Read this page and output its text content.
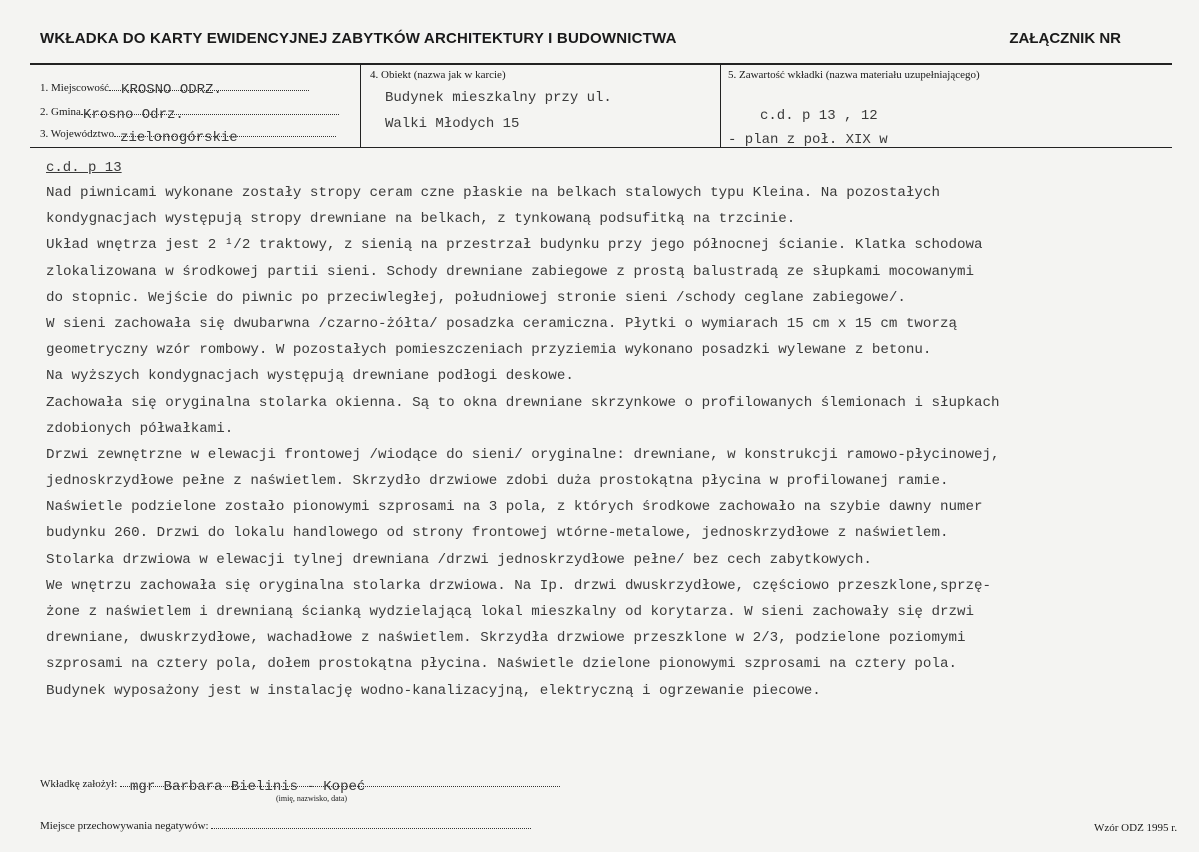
WKŁADKA DO KARTY EWIDENCYJNEJ ZABYTKÓW ARCHITEKTURY I BUDOWNICTWA	ZAŁĄCZNIK NR
1. Miejscowość KROSNO ODRZ.
2. Gmina Krosno Odrz.
3. Województwo zielonogórskie
4. Obiekt (nazwa jak w karcie)
Budynek mieszkalny przy ul.
Walki Młodych 15
5. Zawartość wkładki (nazwa materiału uzupełniającego)
c.d. p 13 , 12
- plan z poł. XIX w
c.d. p 13
Nad piwnicami wykonane zostały stropy ceram czne płaskie na belkach stalowych typu Kleina. Na pozostałych
kondygnacjach występują stropy drewniane na belkach, z tynkowaną podsufitką na trzcinie.
Układ wnętrza jest 2 ¹/2 traktowy, z sienią na przestrzał budynku przy jego północnej ścianie. Klatka schodowa
zlokalizowana w środkowej partii sieni. Schody drewniane zabiegowe z prostą balustradą ze słupkami mocowanymi
do stopnic. Wejście do piwnic po przeciwległej, południowej stronie sieni /schody ceglane zabiegowe/.
W sieni zachowała się dwubarwna /czarno-żółta/ posadzka ceramiczna. Płytki o wymiarach 15 cm x 15 cm tworzą
geometryczny wzór rombowy. W pozostałych pomieszczeniach przyziemia wykonano posadzki wylewane z betonu.
Na wyższych kondygnacjach występują drewniane podłogi deskowe.
Zachowała się oryginalna stolarka okienna. Są to okna drewniane skrzynkowe o profilowanych ślemionach i słupkach
zdobionych półwałkami.
Drzwi zewnętrzne w elewacji frontowej /wiodące do sieni/ oryginalne: drewniane, w konstrukcji ramowo-płycinowej,
jednoskrzydłowe pełne z naświetlem. Skrzydło drzwiowe zdobi duża prostokątna płycina w profilowanej ramie.
Naświetle podzielone zostało pionowymi szprosami na 3 pola, z których środkowe zachowało na szybie dawny numer
budynku 260. Drzwi do lokalu handlowego od strony frontowej wtórne-metalowe, jednoskrzydłowe z naświetlem.
Stolarka drzwiowa w elewacji tylnej drewniana /drzwi jednoskrzydłowe pełne/ bez cech zabytkowych.
We wnętrzu zachowała się oryginalna stolarka drzwiowa. Na Ip. drzwi dwuskrzydłowe, częściowo przeszklone,sprzę-
żone z naświetlem i drewnianą ścianką wydzielającą lokal mieszkalny od korytarza. W sieni zachowały się drzwi
drewniane, dwuskrzydłowe, wachadłowe z naświetlem. Skrzydła drzwiowe przeszklone w 2/3, podzielone poziomymi
szprosami na cztery pola, dołem prostokątna płycina. Naświetle dzielone pionowymi szprosami na cztery pola.
Budynek wyposażony jest w instalację wodno-kanalizacyjną, elektryczną i ogrzewanie piecowe.
Wkładkę założył: mgr Barbara Bielinis - Kopeć
(imię, nazwisko, data)
Miejsce przechowywania negatywów:	Wzór ODZ 1995 r.
